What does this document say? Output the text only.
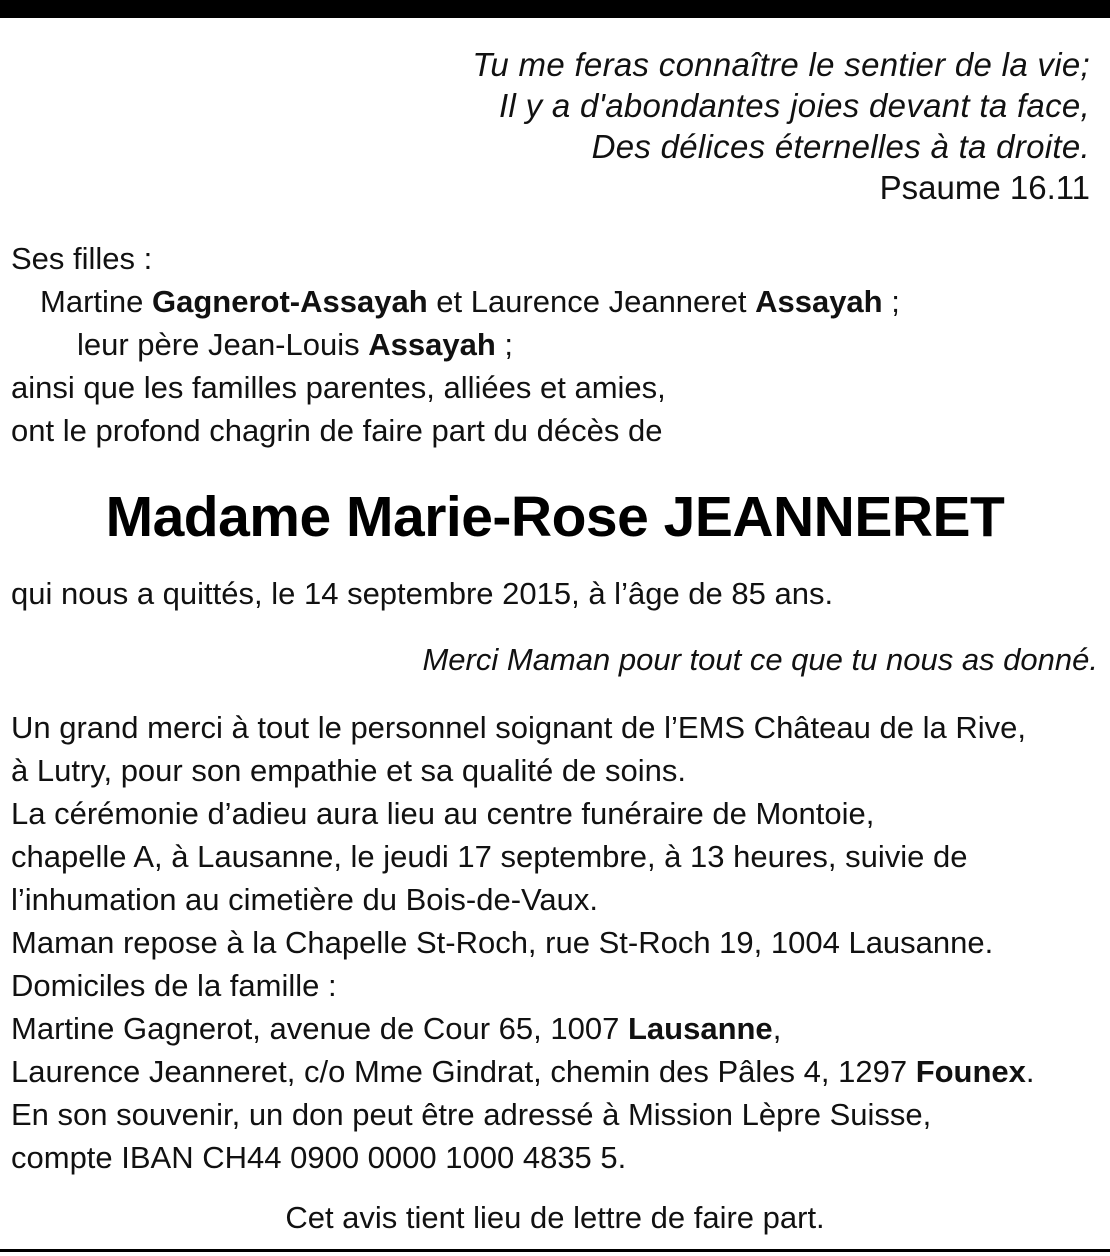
Tu me feras connaître le sentier de la vie;
Il y a d'abondantes joies devant ta face,
Des délices éternelles à ta droite.
Psaume 16.11
Ses filles :
Martine Gagnerot-Assayah et Laurence Jeanneret Assayah ;
leur père Jean-Louis Assayah ;
ainsi que les familles parentes, alliées et amies,
ont le profond chagrin de faire part du décès de
Madame Marie-Rose JEANNERET
qui nous a quittés, le 14 septembre 2015, à l’âge de 85 ans.
Merci Maman pour tout ce que tu nous as donné.
Un grand merci à tout le personnel soignant de l’EMS Château de la Rive,
à Lutry, pour son empathie et sa qualité de soins.
La cérémonie d’adieu aura lieu au centre funéraire de Montoie,
chapelle A, à Lausanne, le jeudi 17 septembre, à 13 heures, suivie de
l’inhumation au cimetière du Bois-de-Vaux.
Maman repose à la Chapelle St-Roch, rue St-Roch 19, 1004 Lausanne.
Domiciles de la famille :
Martine Gagnerot, avenue de Cour 65, 1007 Lausanne,
Laurence Jeanneret, c/o Mme Gindrat, chemin des Pâles 4, 1297 Founex.
En son souvenir, un don peut être adressé à Mission Lèpre Suisse,
compte IBAN CH44 0900 0000 1000 4835 5.
Cet avis tient lieu de lettre de faire part.
